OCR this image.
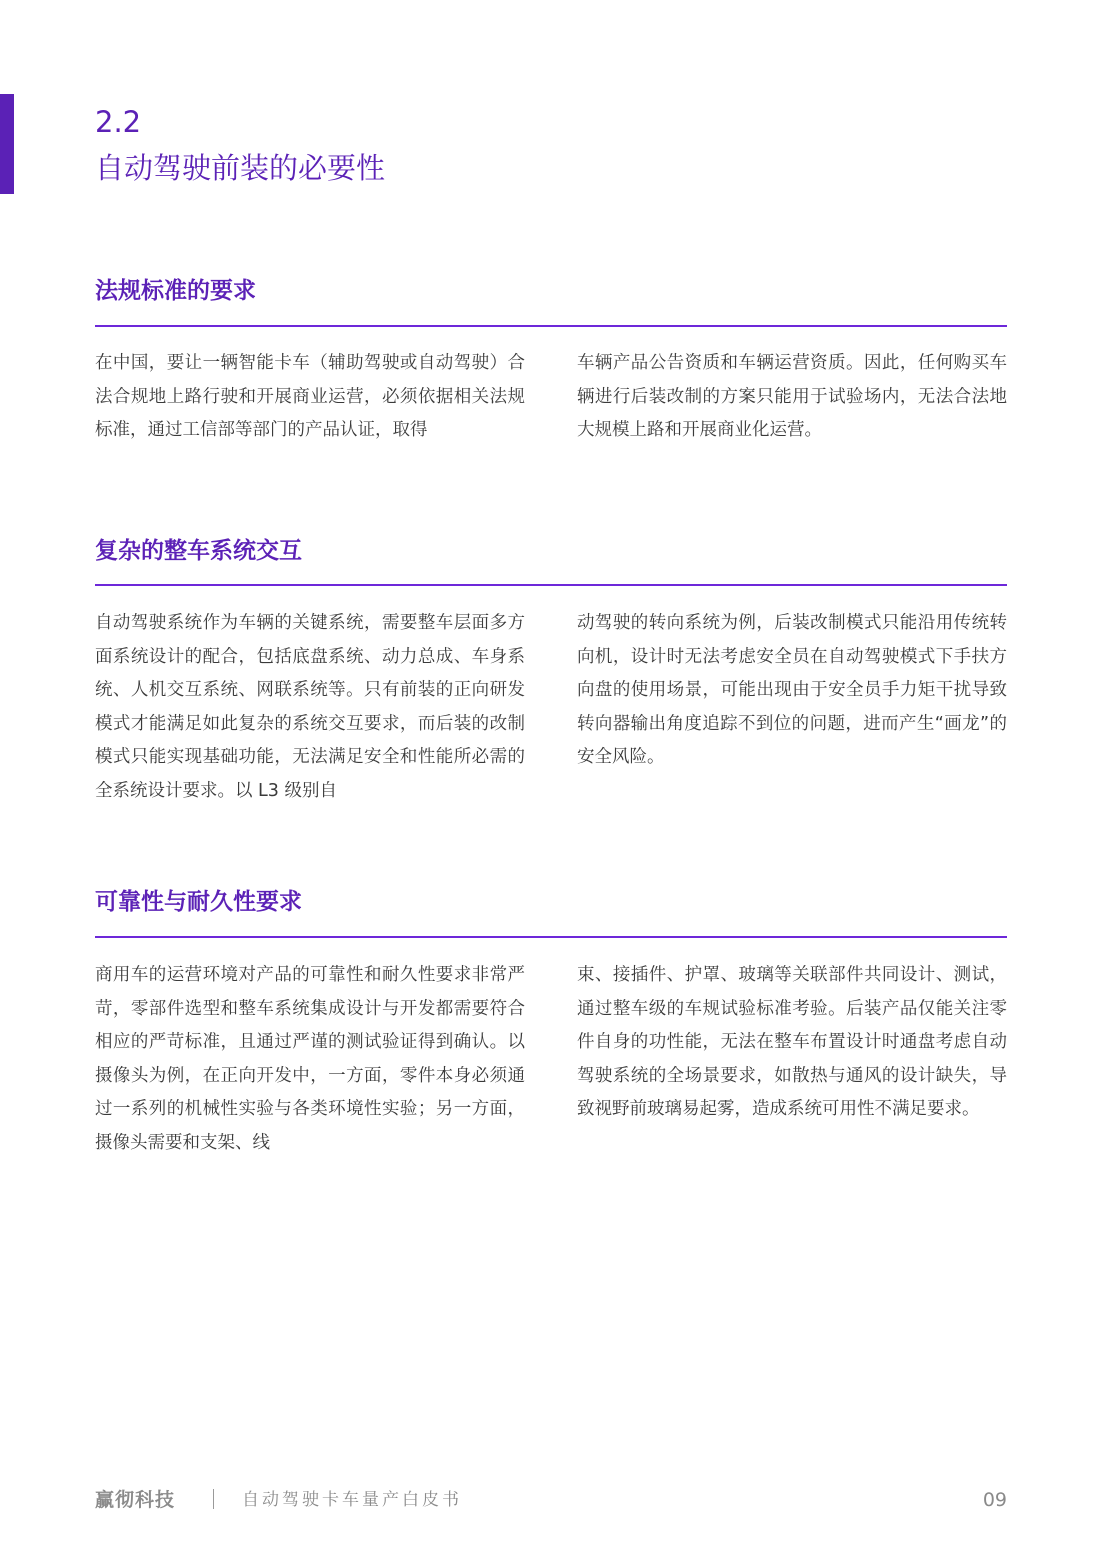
2.2
自动驾驶前装的必要性
法规标准的要求

在中国，要让一辆智能卡车（辅助驾驶或自动驾驶）合法合规地上路行驶和开展商业运营，必须依据相关法规标准，通过工信部等部门的产品认证，取得

车辆产品公告资质和车辆运营资质。因此，任何购买车辆进行后装改制的方案只能用于试验场内，无法合法地大规模上路和开展商业化运营。

复杂的整车系统交互

自动驾驶系统作为车辆的关键系统，需要整车层面多方面系统设计的配合，包括底盘系统、动力总成、车身系统、人机交互系统、网联系统等。只有前装的正向研发模式才能满足如此复杂的系统交互要求，而后装的改制模式只能实现基础功能，无法满足安全和性能所必需的全系统设计要求。以 L3 级别自

动驾驶的转向系统为例，后装改制模式只能沿用传统转向机，设计时无法考虑安全员在自动驾驶模式下手扶方向盘的使用场景，可能出现由于安全员手力矩干扰导致转向器输出角度追踪不到位的问题，进而产生“画龙”的安全风险。

可靠性与耐久性要求

商用车的运营环境对产品的可靠性和耐久性要求非常严苛，零部件选型和整车系统集成设计与开发都需要符合相应的严苛标准，且通过严谨的测试验证得到确认。以摄像头为例，在正向开发中，一方面，零件本身必须通过一系列的机械性实验与各类环境性实验；另一方面，摄像头需要和支架、线

束、接插件、护罩、玻璃等关联部件共同设计、测试，通过整车级的车规试验标准考验。后装产品仅能关注零件自身的功性能，无法在整车布置设计时通盘考虑自动驾驶系统的全场景要求，如散热与通风的设计缺失，导致视野前玻璃易起雾，造成系统可用性不满足要求。

赢彻科技	自动驾驶卡车量产白皮书	09
